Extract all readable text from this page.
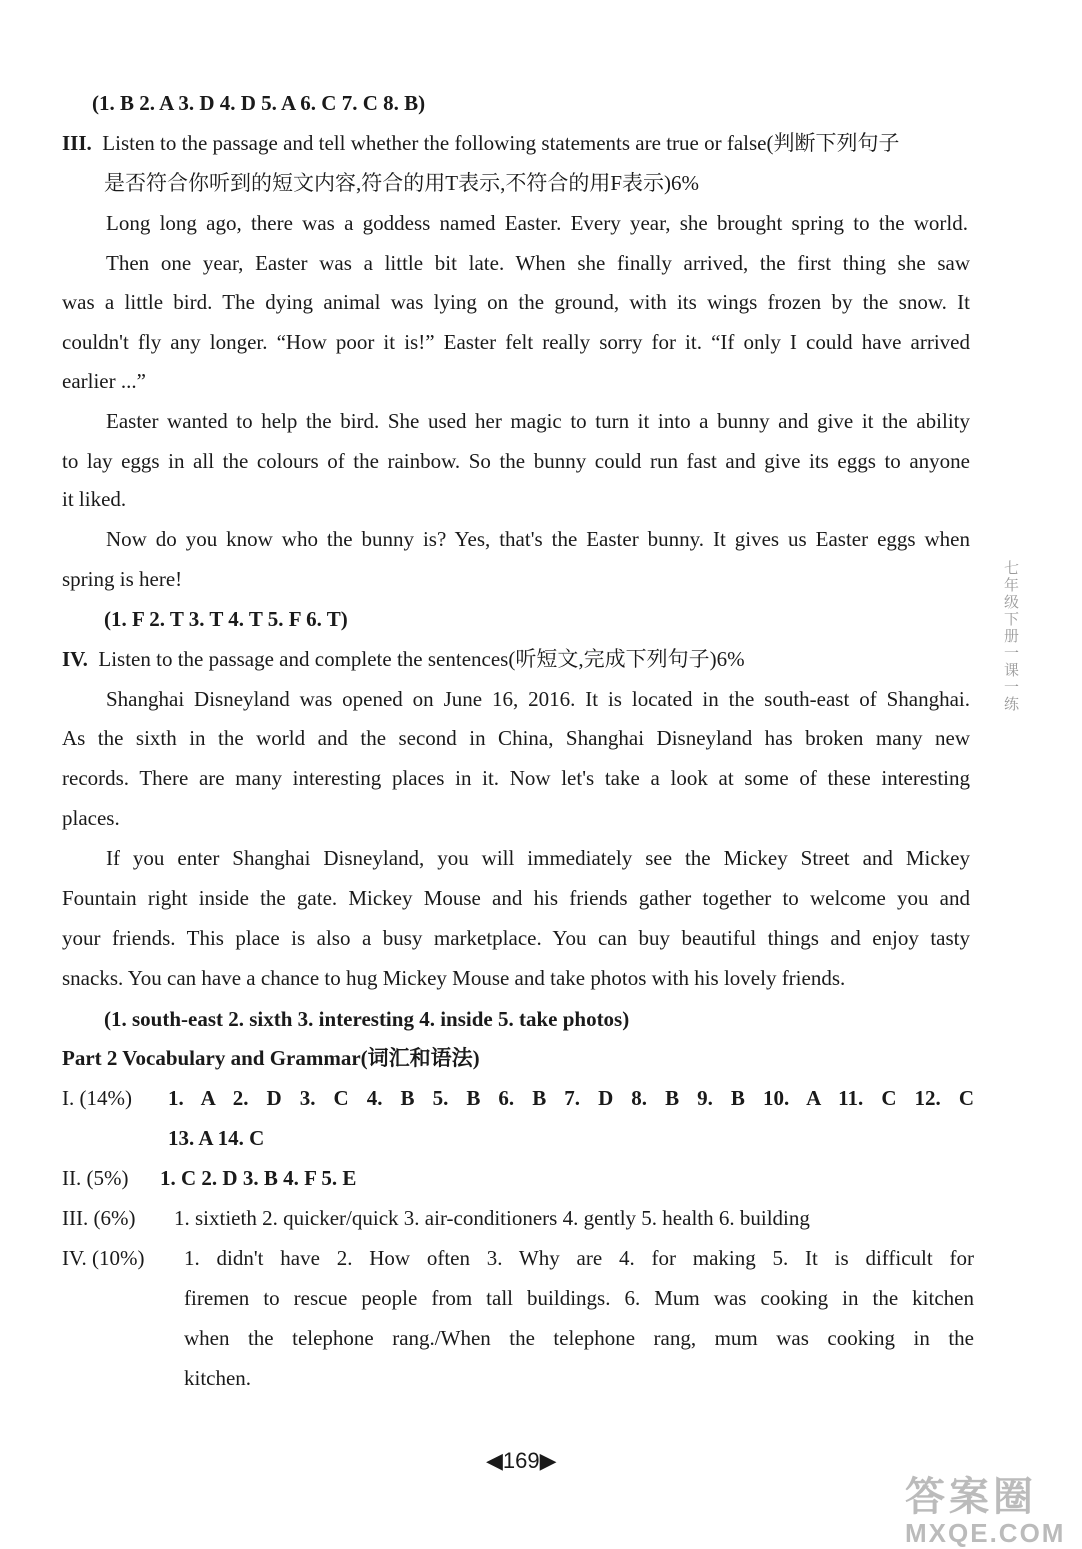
(1. B 2. A 3. D 4. D 5. A 6. C 7. C 8. B)
III. Listen to the passage and tell whether the following statements are true or false(判断下列句子
是否符合你听到的短文内容,符合的用T表示,不符合的用F表示)6%
Long long ago, there was a goddess named Easter. Every year, she brought spring to the world.
Then one year, Easter was a little bit late. When she finally arrived, the first thing she saw
was a little bird. The dying animal was lying on the ground, with its wings frozen by the snow. It
couldn't fly any longer. “How poor it is!” Easter felt really sorry for it. “If only I could have arrived
earlier ...”
Easter wanted to help the bird. She used her magic to turn it into a bunny and give it the ability
to lay eggs in all the colours of the rainbow. So the bunny could run fast and give its eggs to anyone
it liked.
Now do you know who the bunny is? Yes, that's the Easter bunny. It gives us Easter eggs when
spring is here!
(1. F 2. T 3. T 4. T 5. F 6. T)
IV. Listen to the passage and complete the sentences(听短文,完成下列句子)6%
Shanghai Disneyland was opened on June 16, 2016. It is located in the south-east of Shanghai.
As the sixth in the world and the second in China, Shanghai Disneyland has broken many new
records. There are many interesting places in it. Now let's take a look at some of these interesting
places.
If you enter Shanghai Disneyland, you will immediately see the Mickey Street and Mickey
Fountain right inside the gate. Mickey Mouse and his friends gather together to welcome you and
your friends. This place is also a busy marketplace. You can buy beautiful things and enjoy tasty
snacks. You can have a chance to hug Mickey Mouse and take photos with his lovely friends.
(1. south-east 2. sixth 3. interesting 4. inside 5. take photos)
Part 2 Vocabulary and Grammar(词汇和语法)
I. (14%) 1. A 2. D 3. C 4. B 5. B 6. B 7. D 8. B 9. B 10. A 11. C 12. C
13. A 14. C
II. (5%) 1. C 2. D 3. B 4. F 5. E
III. (6%) 1. sixtieth 2. quicker/quick 3. air-conditioners 4. gently 5. health 6. building
IV. (10%) 1. didn't have 2. How often 3. Why are 4. for making 5. It is difficult for
firemen to rescue people from tall buildings. 6. Mum was cooking in the kitchen
when the telephone rang./When the telephone rang, mum was cooking in the
kitchen.
◀169▶
七年级下册一课一练
答案圈
MXQE.COM
